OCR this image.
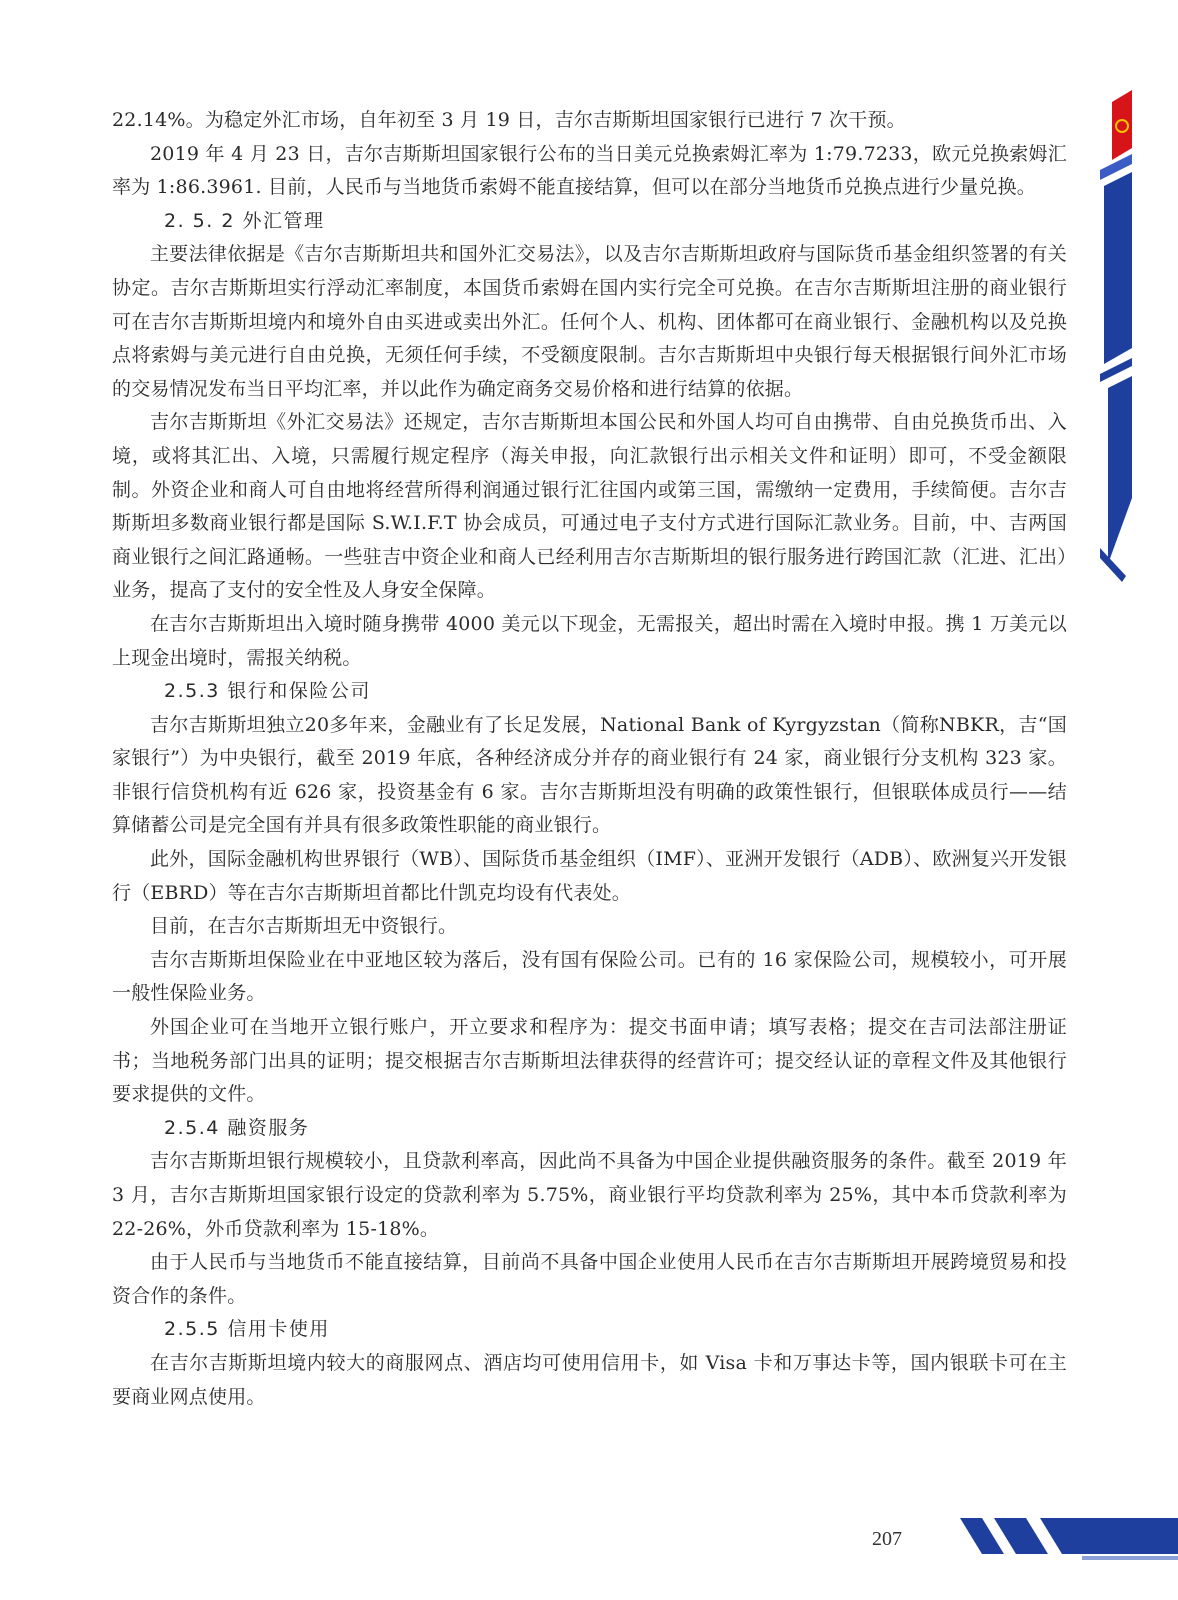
22.14%。为稳定外汇市场，自年初至 3 月 19 日，吉尔吉斯斯坦国家银行已进行 7 次干预。

2019 年 4 月 23 日，吉尔吉斯斯坦国家银行公布的当日美元兑换索姆汇率为 1:79.7233，欧元兑换索姆汇率为 1:86.3961. 目前，人民币与当地货币索姆不能直接结算，但可以在部分当地货币兑换点进行少量兑换。

2. 5. 2 外汇管理

主要法律依据是《吉尔吉斯斯坦共和国外汇交易法》，以及吉尔吉斯斯坦政府与国际货币基金组织签署的有关协定。吉尔吉斯斯坦实行浮动汇率制度，本国货币索姆在国内实行完全可兑换。在吉尔吉斯斯坦注册的商业银行可在吉尔吉斯斯坦境内和境外自由买进或卖出外汇。任何个人、机构、团体都可在商业银行、金融机构以及兑换点将索姆与美元进行自由兑换，无须任何手续，不受额度限制。吉尔吉斯斯坦中央银行每天根据银行间外汇市场的交易情况发布当日平均汇率，并以此作为确定商务交易价格和进行结算的依据。

吉尔吉斯斯坦《外汇交易法》还规定，吉尔吉斯斯坦本国公民和外国人均可自由携带、自由兑换货币出、入境，或将其汇出、入境，只需履行规定程序（海关申报，向汇款银行出示相关文件和证明）即可，不受金额限制。外资企业和商人可自由地将经营所得利润通过银行汇往国内或第三国，需缴纳一定费用，手续简便。吉尔吉斯斯坦多数商业银行都是国际 S.W.I.F.T 协会成员，可通过电子支付方式进行国际汇款业务。目前，中、吉两国商业银行之间汇路通畅。一些驻吉中资企业和商人已经利用吉尔吉斯斯坦的银行服务进行跨国汇款（汇进、汇出）业务，提高了支付的安全性及人身安全保障。

在吉尔吉斯斯坦出入境时随身携带 4000 美元以下现金，无需报关，超出时需在入境时申报。携 1 万美元以上现金出境时，需报关纳税。

2.5.3 银行和保险公司

吉尔吉斯斯坦独立20多年来，金融业有了长足发展，National Bank of Kyrgyzstan（简称NBKR，吉“国家银行”）为中央银行，截至 2019 年底，各种经济成分并存的商业银行有 24 家，商业银行分支机构 323 家。非银行信贷机构有近 626 家，投资基金有 6 家。吉尔吉斯斯坦没有明确的政策性银行，但银联体成员行——结算储蓄公司是完全国有并具有很多政策性职能的商业银行。

此外，国际金融机构世界银行（WB）、国际货币基金组织（IMF）、亚洲开发银行（ADB）、欧洲复兴开发银行（EBRD）等在吉尔吉斯斯坦首都比什凯克均设有代表处。

目前，在吉尔吉斯斯坦无中资银行。

吉尔吉斯斯坦保险业在中亚地区较为落后，没有国有保险公司。已有的 16 家保险公司，规模较小，可开展一般性保险业务。

外国企业可在当地开立银行账户，开立要求和程序为：提交书面申请；填写表格；提交在吉司法部注册证书；当地税务部门出具的证明；提交根据吉尔吉斯斯坦法律获得的经营许可；提交经认证的章程文件及其他银行要求提供的文件。

2.5.4 融资服务

吉尔吉斯斯坦银行规模较小，且贷款利率高，因此尚不具备为中国企业提供融资服务的条件。截至 2019 年 3 月，吉尔吉斯斯坦国家银行设定的贷款利率为 5.75%，商业银行平均贷款利率为 25%，其中本币贷款利率为 22-26%，外币贷款利率为 15-18%。

由于人民币与当地货币不能直接结算，目前尚不具备中国企业使用人民币在吉尔吉斯斯坦开展跨境贸易和投资合作的条件。

2.5.5 信用卡使用

在吉尔吉斯斯坦境内较大的商服网点、酒店均可使用信用卡，如 Visa 卡和万事达卡等，国内银联卡可在主要商业网点使用。

207
